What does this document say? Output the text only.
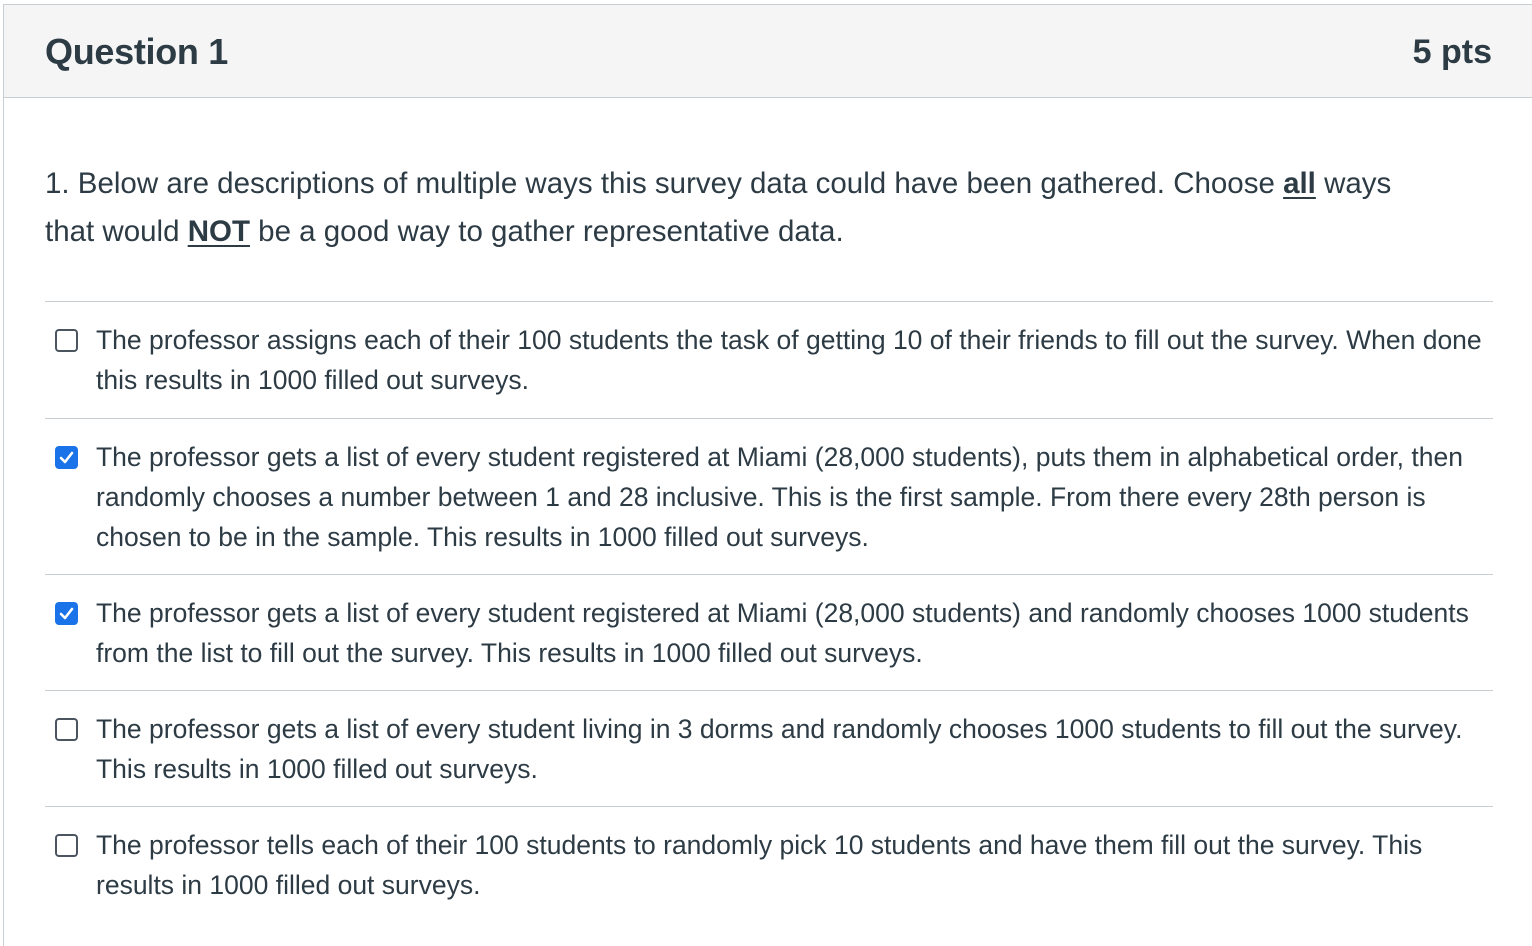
Question 1	5 pts
1. Below are descriptions of multiple ways this survey data could have been gathered. Choose all ways that would NOT be a good way to gather representative data.
The professor assigns each of their 100 students the task of getting 10 of their friends to fill out the survey. When done this results in 1000 filled out surveys.
The professor gets a list of every student registered at Miami (28,000 students), puts them in alphabetical order, then randomly chooses a number between 1 and 28 inclusive. This is the first sample. From there every 28th person is chosen to be in the sample. This results in 1000 filled out surveys.
The professor gets a list of every student registered at Miami (28,000 students) and randomly chooses 1000 students from the list to fill out the survey. This results in 1000 filled out surveys.
The professor gets a list of every student living in 3 dorms and randomly chooses 1000 students to fill out the survey. This results in 1000 filled out surveys.
The professor tells each of their 100 students to randomly pick 10 students and have them fill out the survey. This results in 1000 filled out surveys.
